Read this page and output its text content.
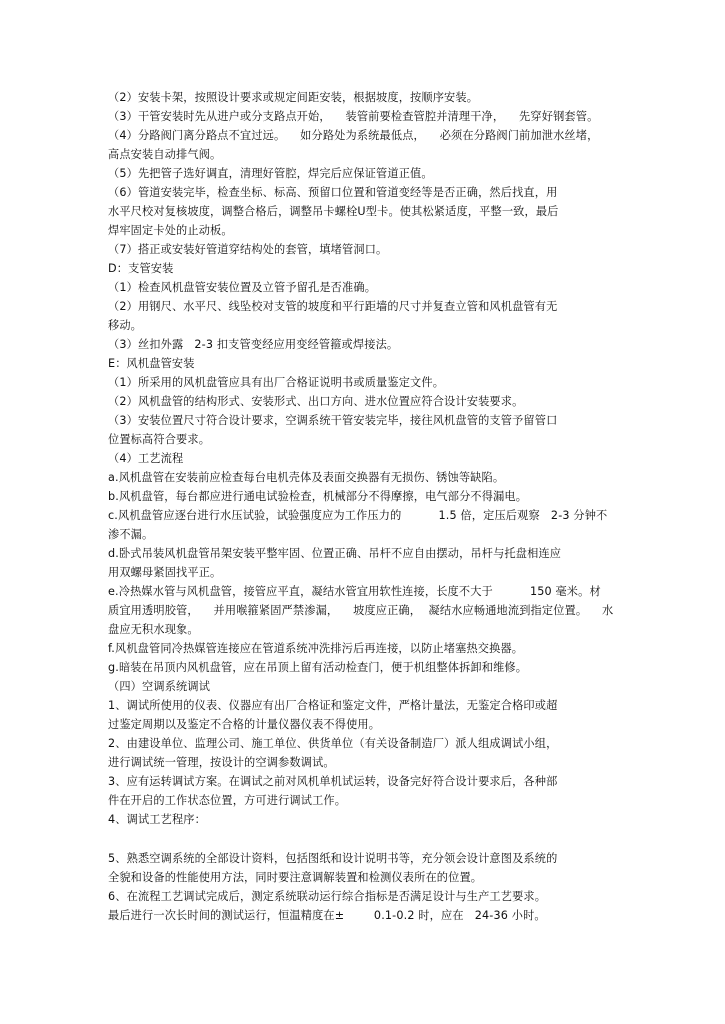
（2）安装卡架，按照设计要求或规定间距安装，根据坡度，按顺序安装。
（3）干管安装时先从进户或分支路点开始，    装管前要检查管腔并清理干净，    先穿好钢套管。
（4）分路阀门离分路点不宜过远。    如分路处为系统最低点，    必须在分路阀门前加泄水丝堵，
高点安装自动排气阀。
（5）先把管子选好调直，清理好管腔，焊完后应保证管道正值。
（6）管道安装完毕，检查坐标、标高、预留口位置和管道变经等是否正确，然后找直，用
水平尺校对复核坡度，调整合格后，调整吊卡螺栓U型卡。使其松紧适度，平整一致，最后
焊牢固定卡处的止动板。
（7）搭正或安装好管道穿结构处的套管，填堵管洞口。
D：支管安装
（1）检查风机盘管安装位置及立管予留孔是否准确。
（2）用钢尺、水平尺、线坠校对支管的坡度和平行距墙的尺寸并复查立管和风机盘管有无
移动。
（3）丝扣外露   2-3 扣支管变经应用变经管箍或焊接法。
E：风机盘管安装
（1）所采用的风机盘管应具有出厂合格证说明书或质量鉴定文件。
（2）风机盘管的结构形式、安装形式、出口方向、进水位置应符合设计安装要求。
（3）安装位置尺寸符合设计要求，空调系统干管安装完毕，接往风机盘管的支管予留管口
位置标高符合要求。
（4）工艺流程
a.风机盘管在安装前应检查每台电机壳体及表面交换器有无损伤、锈蚀等缺陷。
b.风机盘管，每台都应进行通电试验检查，机械部分不得摩擦，电气部分不得漏电。
c.风机盘管应逐台进行水压试验，试验强度应为工作压力的          1.5 倍，定压后观察   2-3 分钟不
渗不漏。
d.卧式吊装风机盘管吊架安装平整牢固、位置正确、吊杆不应自由摆动，吊杆与托盘相连应
用双螺母紧固找平正。
e.冷热媒水管与风机盘管，接管应平直，凝结水管宜用软性连接，长度不大于          150 毫米。材
质宜用透明胶管，    并用喉箍紧固严禁渗漏，    坡度应正确，  凝结水应畅通地流到指定位置。    水
盘应无积水现象。
f.风机盘管同冷热媒管连接应在管道系统冲洗排污后再连接，以防止堵塞热交换器。
g.暗装在吊顶内风机盘管，应在吊顶上留有活动检查门，便于机组整体拆卸和维修。
（四）空调系统调试
1、调试所使用的仪表、仪器应有出厂合格证和鉴定文件，严格计量法，无鉴定合格印或超
过鉴定周期以及鉴定不合格的计量仪器仪表不得使用。
2、由建设单位、监理公司、施工单位、供货单位（有关设备制造厂）派人组成调试小组，
进行调试统一管理，按设计的空调参数调试。
3、应有运转调试方案。在调试之前对风机单机试运转，设备完好符合设计要求后，各种部
件在开启的工作状态位置，方可进行调试工作。
4、调试工艺程序：
5、熟悉空调系统的全部设计资料，包括图纸和设计说明书等，充分领会设计意图及系统的
全貌和设备的性能使用方法，同时要注意调解装置和检测仪表所在的位置。
6、在流程工艺调试完成后，测定系统联动运行综合指标是否满足设计与生产工艺要求。
最后进行一次长时间的测试运行，恒温精度在±        0.1-0.2 时，应在   24-36 小时。
